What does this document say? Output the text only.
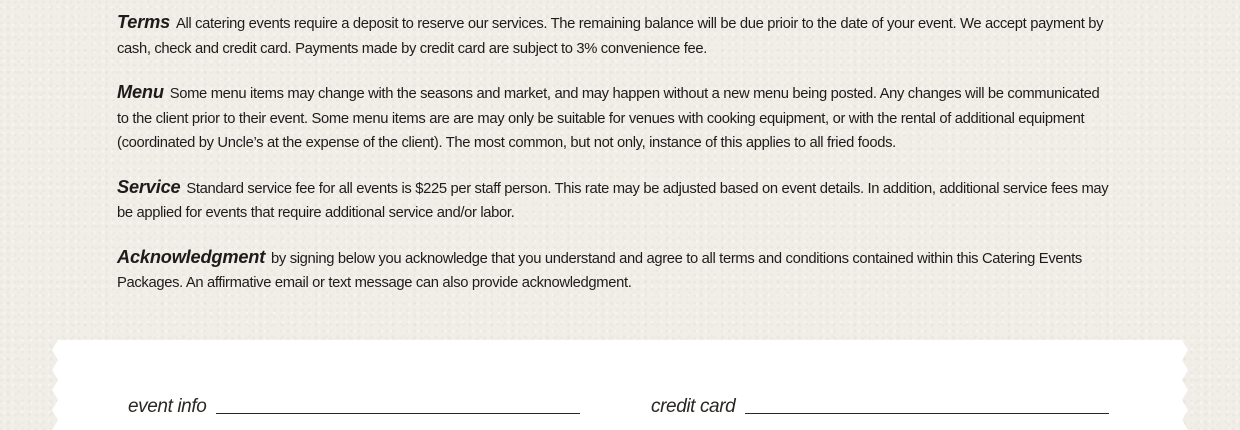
Terms All catering events require a deposit to reserve our services. The remaining balance will be due prioir to the date of your event. We accept payment by cash, check and credit card. Payments made by credit card are subject to 3% convenience fee.

Menu Some menu items may change with the seasons and market, and may happen without a new menu being posted. Any changes will be communicated to the client prior to their event. Some menu items are are may only be suitable for venues with cooking equipment, or with the rental of additional equipment (coordinated by Uncle’s at the expense of the client). The most common, but not only, instance of this applies to all fried foods.

Service Standard service fee for all events is $225 per staff person. This rate may be adjusted based on event details. In addition, additional service fees may be applied for events that require additional service and/or labor.

Acknowledgment by signing below you acknowledge that you understand and agree to all terms and conditions contained within this Catering Events Packages. An affirmative email or text message can also provide acknowledgment.

event info	credit card
